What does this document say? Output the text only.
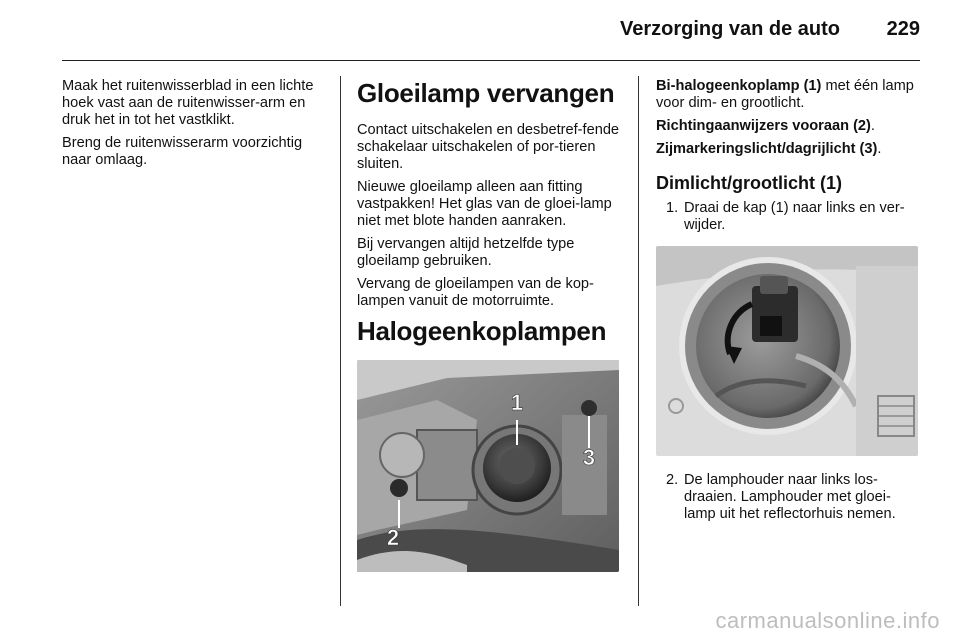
Verzorging van de auto 229

Maak het ruitenwisserblad in een lichte hoek vast aan de ruitenwisser-arm en druk het in tot het vastklikt.

Breng de ruitenwisserarm voorzichtig naar omlaag.

Gloeilamp vervangen

Contact uitschakelen en desbetref-fende schakelaar uitschakelen of por-tieren sluiten.

Nieuwe gloeilamp alleen aan fitting vastpakken! Het glas van de gloei-lamp niet met blote handen aanraken.

Bij vervangen altijd hetzelfde type gloeilamp gebruiken.

Vervang de gloeilampen van de kop-lampen vanuit de motorruimte.

Halogeenkoplampen
1
2
3

Bi-halogeenkoplamp (1) met één lamp voor dim- en grootlicht.

Richtingaanwijzers vooraan (2).

Zijmarkeringslicht/dagrijlicht (3).

Dimlicht/grootlicht (1)
1. Draai de kap (1) naar links en ver-wijder.
2. De lamphouder naar links los-draaien. Lamphouder met gloei-lamp uit het reflectorhuis nemen.
carmanualsonline.info
